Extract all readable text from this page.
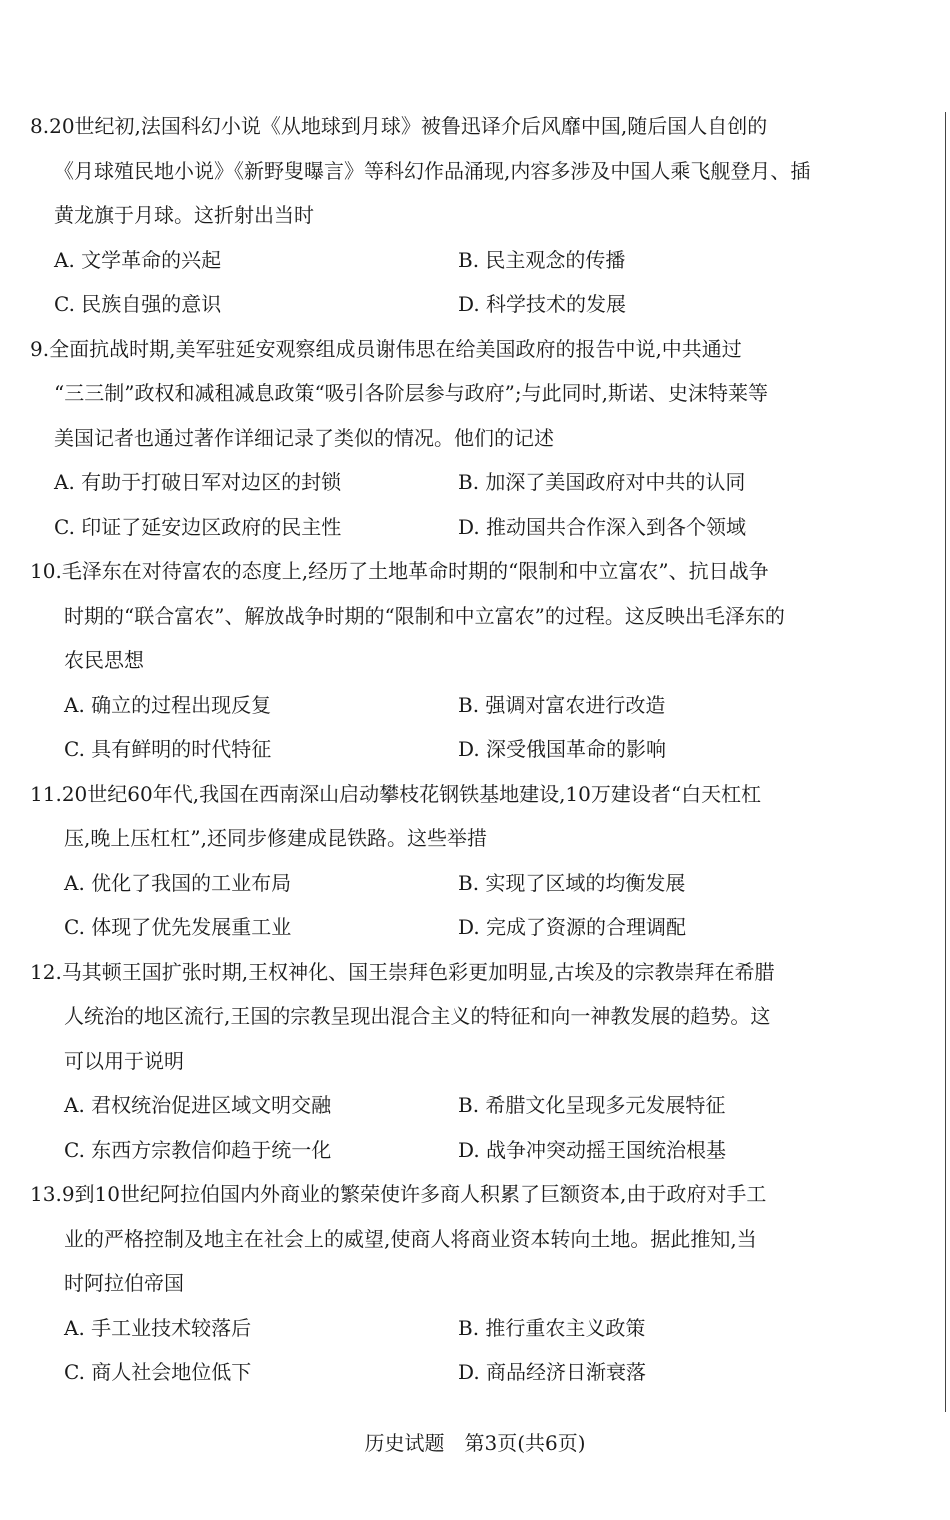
8.20世纪初,法国科幻小说《从地球到月球》被鲁迅译介后风靡中国,随后国人自创的
《月球殖民地小说》《新野叟曝言》等科幻作品涌现,内容多涉及中国人乘飞舰登月、插
黄龙旗于月球。这折射出当时

A. 文学革命的兴起	B. 民主观念的传播
C. 民族自强的意识	D. 科学技术的发展

9.全面抗战时期,美军驻延安观察组成员谢伟思在给美国政府的报告中说,中共通过
“三三制”政权和减租减息政策“吸引各阶层参与政府”;与此同时,斯诺、史沫特莱等
美国记者也通过著作详细记录了类似的情况。他们的记述

A. 有助于打破日军对边区的封锁	B. 加深了美国政府对中共的认同
C. 印证了延安边区政府的民主性	D. 推动国共合作深入到各个领域

10.毛泽东在对待富农的态度上,经历了土地革命时期的“限制和中立富农”、抗日战争
时期的“联合富农”、解放战争时期的“限制和中立富农”的过程。这反映出毛泽东的
农民思想

A. 确立的过程出现反复	B. 强调对富农进行改造
C. 具有鲜明的时代特征	D. 深受俄国革命的影响

11.20世纪60年代,我国在西南深山启动攀枝花钢铁基地建设,10万建设者“白天杠杠
压,晚上压杠杠”,还同步修建成昆铁路。这些举措

A. 优化了我国的工业布局	B. 实现了区域的均衡发展
C. 体现了优先发展重工业	D. 完成了资源的合理调配

12.马其顿王国扩张时期,王权神化、国王崇拜色彩更加明显,古埃及的宗教崇拜在希腊
人统治的地区流行,王国的宗教呈现出混合主义的特征和向一神教发展的趋势。这
可以用于说明

A. 君权统治促进区域文明交融	B. 希腊文化呈现多元发展特征
C. 东西方宗教信仰趋于统一化	D. 战争冲突动摇王国统治根基

13.9到10世纪阿拉伯国内外商业的繁荣使许多商人积累了巨额资本,由于政府对手工
业的严格控制及地主在社会上的威望,使商人将商业资本转向土地。据此推知,当
时阿拉伯帝国

A. 手工业技术较落后	B. 推行重农主义政策
C. 商人社会地位低下	D. 商品经济日渐衰落
历史试题　第3页(共6页)
